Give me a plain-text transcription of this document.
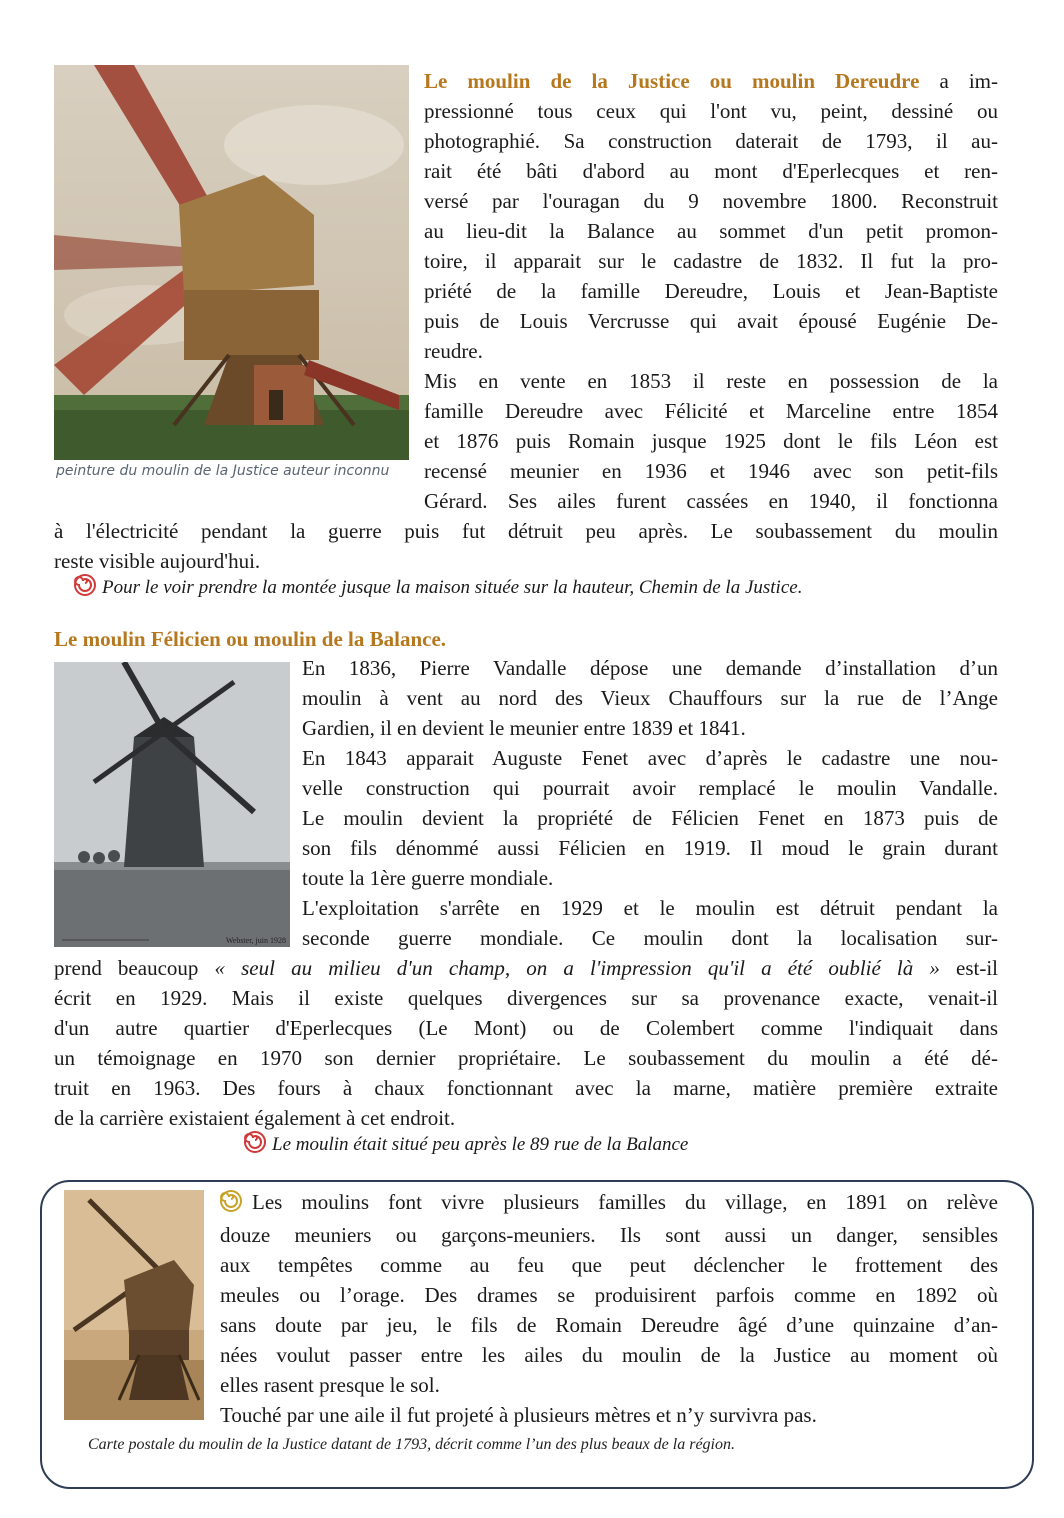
peinture du moulin de la Justice auteur inconnu
Le moulin de la Justice ou moulin Dereudre a im-
pressionné tous ceux qui l'ont vu, peint, dessiné ou
photographié. Sa construction daterait de 1793, il au-
rait été bâti d'abord au mont d'Eperlecques et ren-
versé par l'ouragan du 9 novembre 1800. Reconstruit
au lieu-dit la Balance au sommet d'un petit promon-
toire, il apparait sur le cadastre de 1832. Il fut la pro-
priété de la famille Dereudre, Louis et Jean-Baptiste
puis de Louis Vercrusse qui avait épousé Eugénie De-
reudre.
Mis en vente en 1853 il reste en possession de la
famille Dereudre avec Félicité et Marceline entre 1854
et 1876 puis Romain jusque 1925 dont le fils Léon est
recensé meunier en 1936 et 1946 avec son petit-fils
Gérard. Ses ailes furent cassées en 1940, il fonctionna
à l'électricité pendant la guerre puis fut détruit peu après. Le soubassement du moulin
reste visible aujourd'hui.
Pour le voir prendre la montée jusque la maison située sur la hauteur, Chemin de la Justice.
Le moulin Félicien ou moulin de la Balance.
Webster, juin 1928
En 1836, Pierre Vandalle dépose une demande d’installation d’un
moulin à vent au nord des Vieux Chauffours sur la rue de l’Ange
Gardien, il en devient le meunier entre 1839 et 1841.
En 1843 apparait Auguste Fenet avec d’après le cadastre une nou-
velle construction qui pourrait avoir remplacé le moulin Vandalle.
Le moulin devient la propriété de Félicien Fenet en 1873 puis de
son fils dénommé aussi Félicien en 1919. Il moud le grain durant
toute la 1ère guerre mondiale.
L'exploitation s'arrête en 1929 et le moulin est détruit pendant la
seconde guerre mondiale. Ce moulin dont la localisation sur-
prend beaucoup « seul au milieu d'un champ, on a l'impression qu'il a été oublié là » est-il
écrit en 1929. Mais il existe quelques divergences sur sa provenance exacte, venait-il
d'un autre quartier d'Eperlecques (Le Mont) ou de Colembert comme l'indiquait dans
un témoignage en 1970 son dernier propriétaire. Le soubassement du moulin a été dé-
truit en 1963. Des fours à chaux fonctionnant avec la marne, matière première extraite
de la carrière existaient également à cet endroit.
Le moulin était situé peu après le 89 rue de la Balance
Les moulins font vivre plusieurs familles du village, en 1891 on relève
douze meuniers ou garçons-meuniers. Ils sont aussi un danger, sensibles
aux tempêtes comme au feu que peut déclencher le frottement des
meules ou l’orage. Des drames se produisirent parfois comme en 1892 où
sans doute par jeu, le fils de Romain Dereudre âgé d’une quinzaine d’an-
nées voulut passer entre les ailes du moulin de la Justice au moment où
elles rasent presque le sol.
Touché par une aile il fut projeté à plusieurs mètres et n’y survivra pas.
Carte postale du moulin de la Justice datant de 1793, décrit comme l’un des plus beaux de la région.
